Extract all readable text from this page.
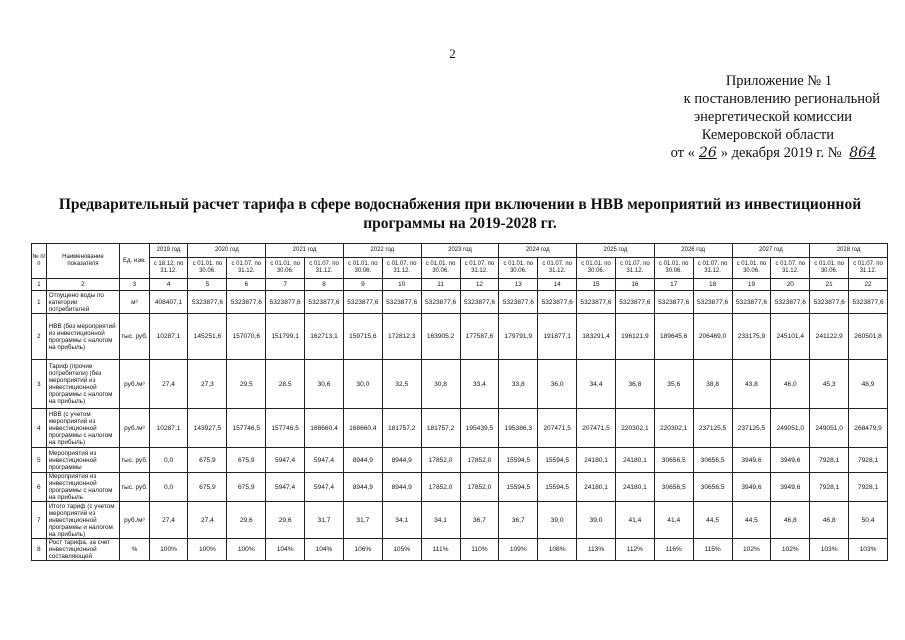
2
Приложение № 1
к постановлению региональной
энергетической комиссии
Кемеровской области
от « 26 » декабря 2019 г. № 864
Предварительный расчет тарифа в сфере водоснабжения при включении в НВВ мероприятий из инвестиционной
программы на 2019-2028 гг.
№ п/п	Наименование показателя	Ед. изм.	2019 год	2020 год		2021 год		2022 год		2023 год		2024 год		2025 год		2026 год		2027 год		2028 год	
			с 18.12. по 31.12.	с 01.01. по 30.06.	с 01.07. по 31.12.	с 01.01. по 30.06.	с 01.07. по 31.12.	с 01.01. по 30.06.	с 01.07. по 31.12.	с 01.01. по 30.06.	с 01.07. по 31.12.	с 01.01. по 30.06.	с 01.07. по 31.12.	с 01.01. по 30.06.	с 01.07. по 31.12.	с 01.01. по 30.06.	с 01.07. по 31.12.	с 01.01. по 30.06.	с 01.07. по 31.12.	с 01.01. по 30.06.	с 01.07. по 31.12.
1	2	3	4	5	6	7	8	9	10	11	12	13	14	15	16	17	18	19	20	21	22
1	Отпущено воды по категории потребителей	м³	408407,1	5323877,6	5323877,6	5323877,6	5323877,6	5323877,6	5323877,6	5323877,6	5323877,6	5323877,6	5323877,6	5323877,6	5323877,6	5323877,6	5323877,6	5323877,6	5323877,6	5323877,6	5323877,6
2	НВВ (без мероприятий из инвестиционной программы с налогом на прибыль)	тыс. руб.	10287,1	145251,6	157070,6	151799,1	162713,1	159715,6	172812,3	163905,2	177587,6	179791,9	191877,1	183291,4	196121,9	189645,6	206469,0	233175,9	245101,4	241122,9	260501,8
3	Тариф (прочие потребители) (без мероприятий из инвестиционной программы с налогом на прибыль)	руб./м³	27,4	27,3	29,5	28,5	30,6	30,0	32,5	30,8	33,4	33,8	36,0	34,4	36,8	35,6	38,8	43,8	46,0	45,3	48,9
4	НВВ (с учетом мероприятий из инвестиционной программы с налогом на прибыль)	руб./м³	10287,1	143927,5	157746,5	157746,5	168660,4	168660,4	181757,2	181757,2	195439,5	195386,3	207471,5	207471,5	220302,1	220302,1	237125,5	237125,5	249051,0	249051,0	268479,9
5	Мероприятия из инвестиционной программы	тыс. руб.	0,0	675,9	675,9	5947,4	5947,4	8944,9	8944,9	17852,0	17852,0	15594,5	15594,5	24180,1	24180,1	30656,5	30656,5	3949,6	3949,6	7928,1	7928,1
6	Мероприятия из инвестиционной программы с налогом на прибыль	тыс. руб.	0,0	675,9	675,9	5947,4	5947,4	8944,9	8944,9	17852,0	17852,0	15594,5	15594,5	24180,1	24180,1	30656,5	30656,5	3949,6	3949,6	7928,1	7928,1
7	Итого тариф (с учетом мероприятий из инвестиционной программы и налогом на прибыль)	руб./м³	27,4	27,4	29,6	29,6	31,7	31,7	34,1	34,1	36,7	36,7	39,0	39,0	41,4	41,4	44,5	44,5	46,8	46,8	50,4
8	Рост тарифа, за счет инвестиционной составляющей	%	100%	100%	100%	104%	104%	106%	105%	111%	110%	109%	108%	113%	112%	116%	115%	102%	102%	103%	103%
